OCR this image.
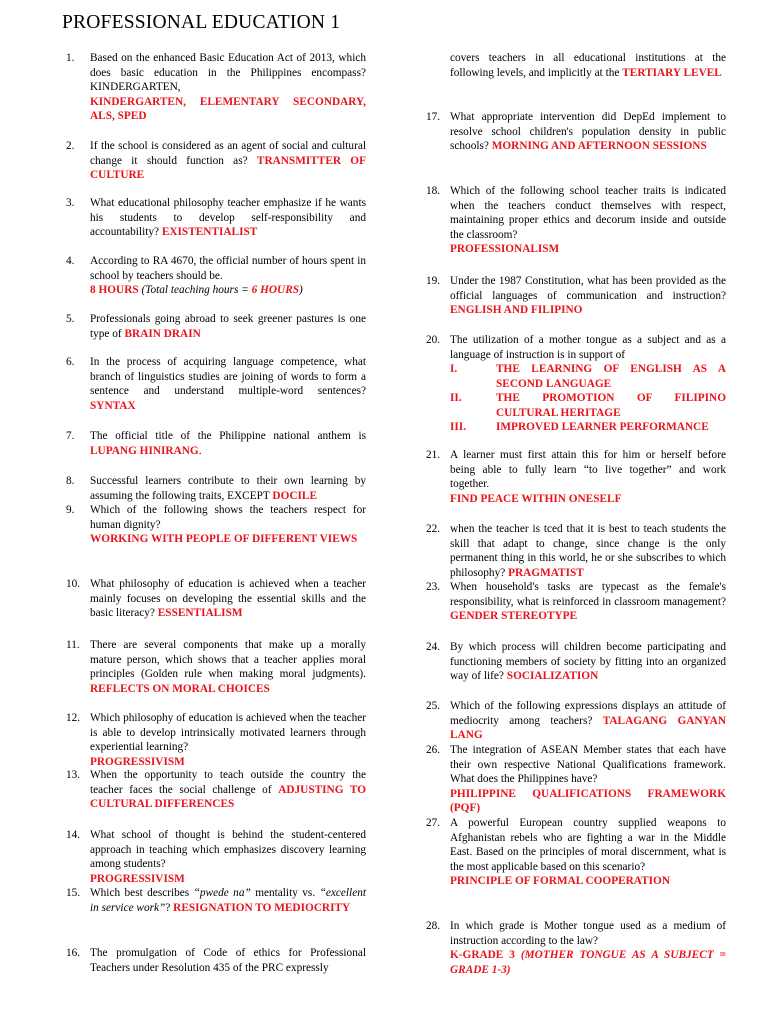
PROFESSIONAL EDUCATION 1
1. Based on the enhanced Basic Education Act of 2013, which does basic education in the Philippines encompass? KINDERGARTEN,
KINDERGARTEN, ELEMENTARY SECONDARY, ALS, SPED
2. If the school is considered as an agent of social and cultural change it should function as? TRANSMITTER OF CULTURE
3. What educational philosophy teacher emphasize if he wants his students to develop self-responsibility and accountability? EXISTENTIALIST
4. According to RA 4670, the official number of hours spent in school by teachers should be.
8 HOURS (Total teaching hours = 6 HOURS)
5. Professionals going abroad to seek greener pastures is one type of BRAIN DRAIN
6. In the process of acquiring language competence, what branch of linguistics studies are joining of words to form a sentence and understand multiple-word sentences? SYNTAX
7. The official title of the Philippine national anthem is LUPANG HINIRANG.
8. Successful learners contribute to their own learning by assuming the following traits, EXCEPT DOCILE
9. Which of the following shows the teachers respect for human dignity?
WORKING WITH PEOPLE OF DIFFERENT VIEWS
10. What philosophy of education is achieved when a teacher mainly focuses on developing the essential skills and the basic literacy? ESSENTIALISM
11. There are several components that make up a morally mature person, which shows that a teacher applies moral principles (Golden rule when making moral judgments). REFLECTS ON MORAL CHOICES
12. Which philosophy of education is achieved when the teacher is able to develop intrinsically motivated learners through experiential learning?
PROGRESSIVISM
13. When the opportunity to teach outside the country the teacher faces the social challenge of ADJUSTING TO CULTURAL DIFFERENCES
14. What school of thought is behind the student-centered approach in teaching which emphasizes discovery learning among students?
PROGRESSIVISM
15. Which best describes “pwede na” mentality vs. “excellent in service work”? RESIGNATION TO MEDIOCRITY
16. The promulgation of Code of ethics for Professional Teachers under Resolution 435 of the PRC expressly
covers teachers in all educational institutions at the following levels, and implicitly at the TERTIARY LEVEL
17. What appropriate intervention did DepEd implement to resolve school children's population density in public schools? MORNING AND AFTERNOON SESSIONS
18. Which of the following school teacher traits is indicated when the teachers conduct themselves with respect, maintaining proper ethics and decorum inside and outside the classroom?
PROFESSIONALISM
19. Under the 1987 Constitution, what has been provided as the official languages of communication and instruction? ENGLISH AND FILIPINO
20. The utilization of a mother tongue as a subject and as a language of instruction is in support of
I.	THE LEARNING OF ENGLISH AS A SECOND LANGUAGE
II.	THE PROMOTION OF FILIPINO CULTURAL HERITAGE
III.	IMPROVED LEARNER PERFORMANCE
21. A learner must first attain this for him or herself before being able to fully learn “to live together” and work together.
FIND PEACE WITHIN ONESELF
22. when the teacher is tced that it is best to teach students the skill that adapt to change, since change is the only permanent thing in this world, he or she subscribes to which philosophy? PRAGMATIST
23. When household's tasks are typecast as the female's responsibility, what is reinforced in classroom management? GENDER STEREOTYPE
24. By which process will children become participating and functioning members of society by fitting into an organized way of life? SOCIALIZATION
25. Which of the following expressions displays an attitude of mediocrity among teachers? TALAGANG GANYAN LANG
26. The integration of ASEAN Member states that each have their own respective National Qualifications framework. What does the Philippines have?
PHILIPPINE QUALIFICATIONS FRAMEWORK (PQF)
27. A powerful European country supplied weapons to Afghanistan rebels who are fighting a war in the Middle East. Based on the principles of moral discernment, what is the most applicable based on this scenario?
PRINCIPLE OF FORMAL COOPERATION
28. In which grade is Mother tongue used as a medium of instruction according to the law?
K-GRADE 3 (MOTHER TONGUE AS A SUBJECT = GRADE 1-3)
